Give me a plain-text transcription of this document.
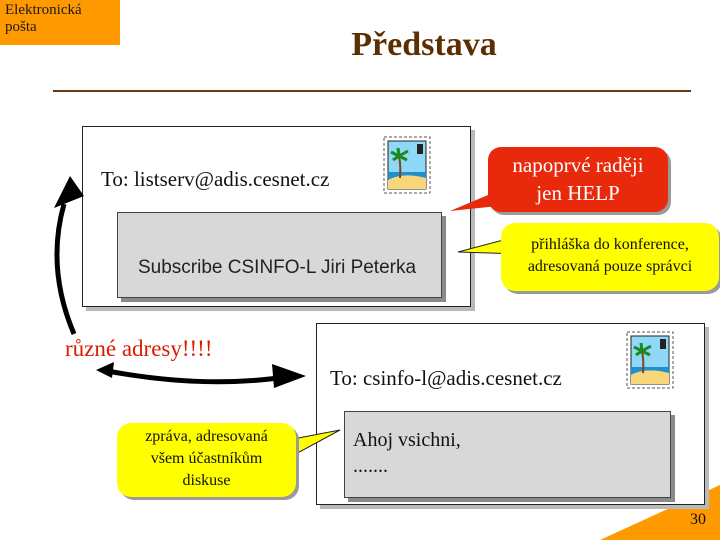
Elektronická
pošta	Představa
To: listserv@adis.cesnet.cz
Subscribe CSINFO-L Jiri Peterka
To: csinfo-l@adis.cesnet.cz
Ahoj vsichni,
.......
napoprvé raději
jen HELP
přihláška do konference,
adresovaná pouze správci
zpráva, adresovaná
všem účastníkům
diskuse
různé adresy!!!!
30
